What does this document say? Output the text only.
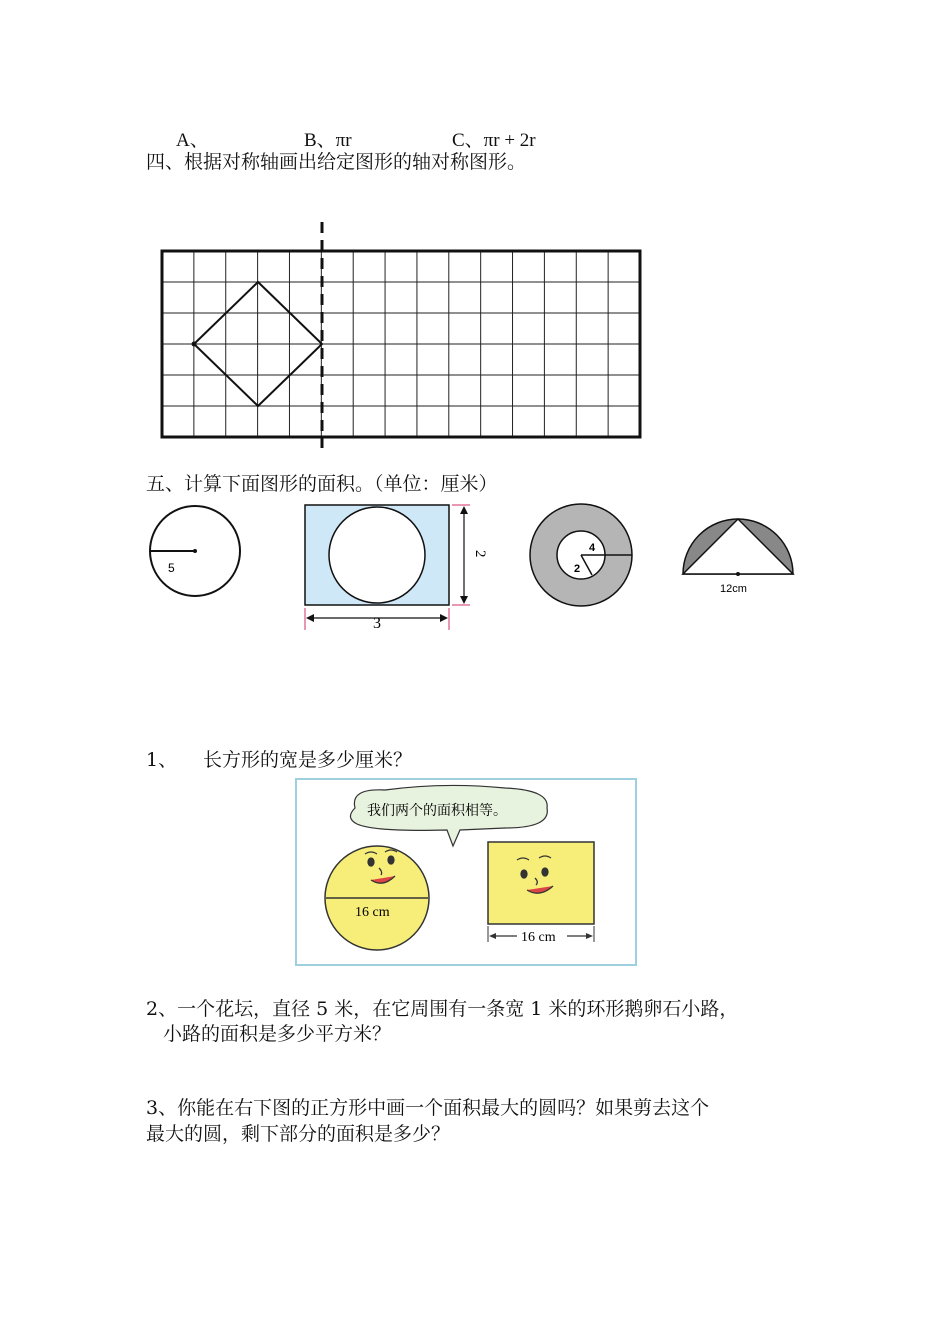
A、	B、πr	C、πr + 2r
四、根据对称轴画出给定图形的轴对称图形。
五、计算下面图形的面积。（单位：厘米）
5
2
3
4
2
12cm
1、 长方形的宽是多少厘米？
我们两个的面积相等。
16 cm
16 cm
2、一个花坛，直径 5 米，在它周围有一条宽 1 米的环形鹅卵石小路，
小路的面积是多少平方米？
3、你能在右下图的正方形中画一个面积最大的圆吗？如果剪去这个
最大的圆，剩下部分的面积是多少？
